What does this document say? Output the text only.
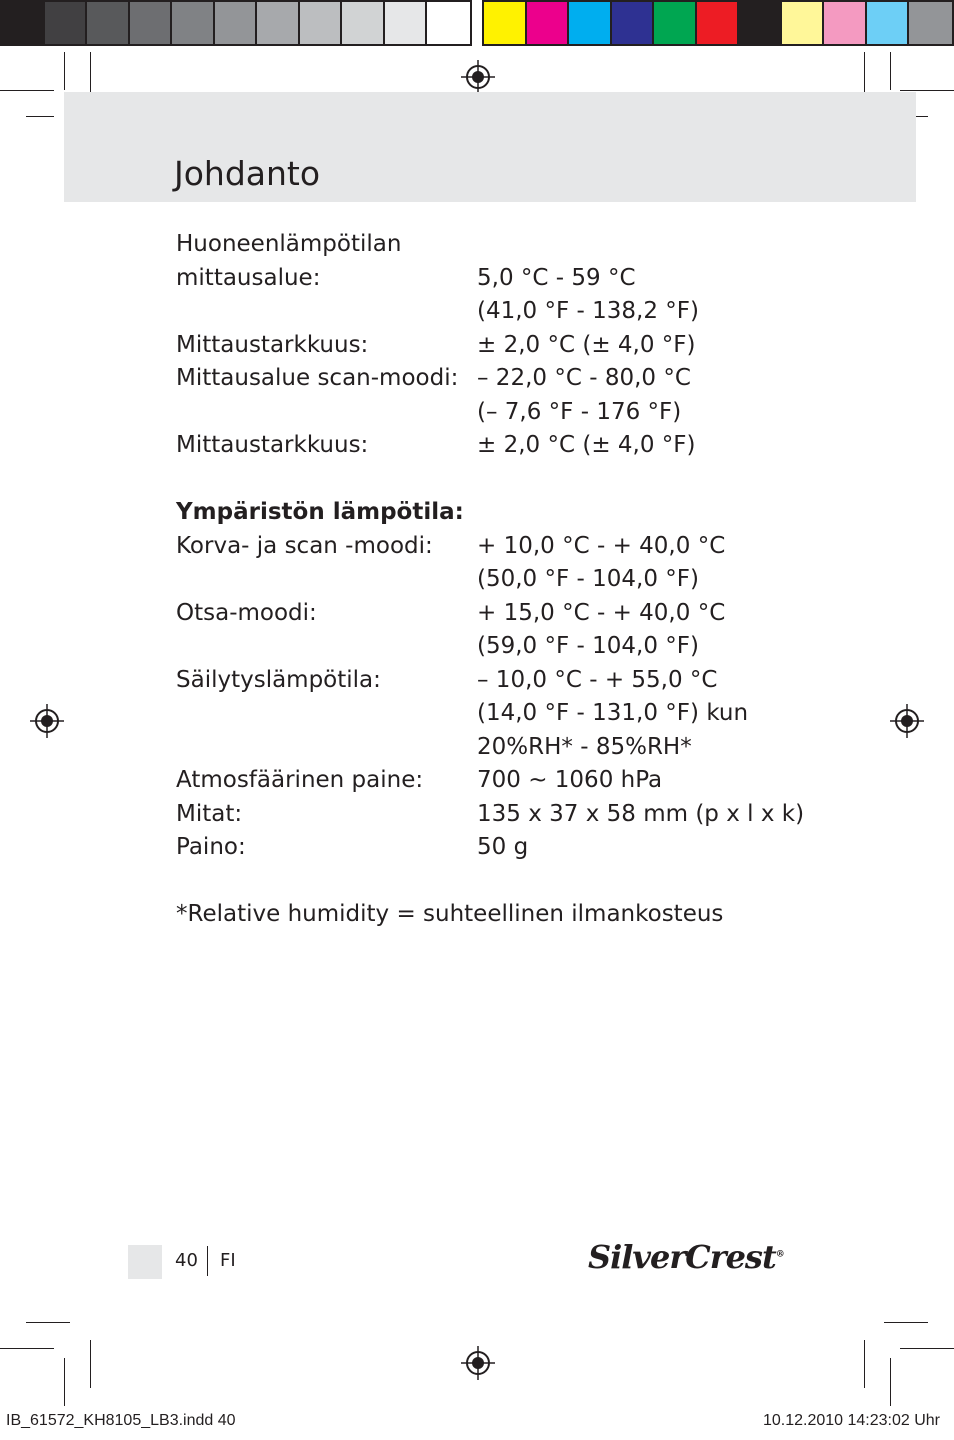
Johdanto
Huoneenlämpötilan
mittausalue:	5,0 °C - 59 °C
(41,0 °F - 138,2 °F)
Mittaustarkkuus:	± 2,0 °C (± 4,0 °F)
Mittausalue scan-moodi: – 22,0 °C - 80,0 °C
(– 7,6 °F - 176 °F)
Mittaustarkkuus:	± 2,0 °C (± 4,0 °F)
Ympäristön lämpötila:
Korva- ja scan -moodi: + 10,0 °C - + 40,0 °C
(50,0 °F - 104,0 °F)
Otsa-moodi:	+ 15,0 °C - + 40,0 °C
(59,0 °F - 104,0 °F)
Säilytyslämpötila:	– 10,0 °C - + 55,0 °C
(14,0 °F - 131,0 °F) kun
20%RH* - 85%RH*
Atmosfäärinen paine: 700 ~ 1060 hPa
Mitat:	135 x 37 x 58 mm (p x l x k)
Paino:	50 g
*Relative humidity = suhteellinen ilmankosteus
40 FI	SilverCrest®
IB_61572_KH8105_LB3.indd 40	10.12.2010 14:23:02 Uhr
